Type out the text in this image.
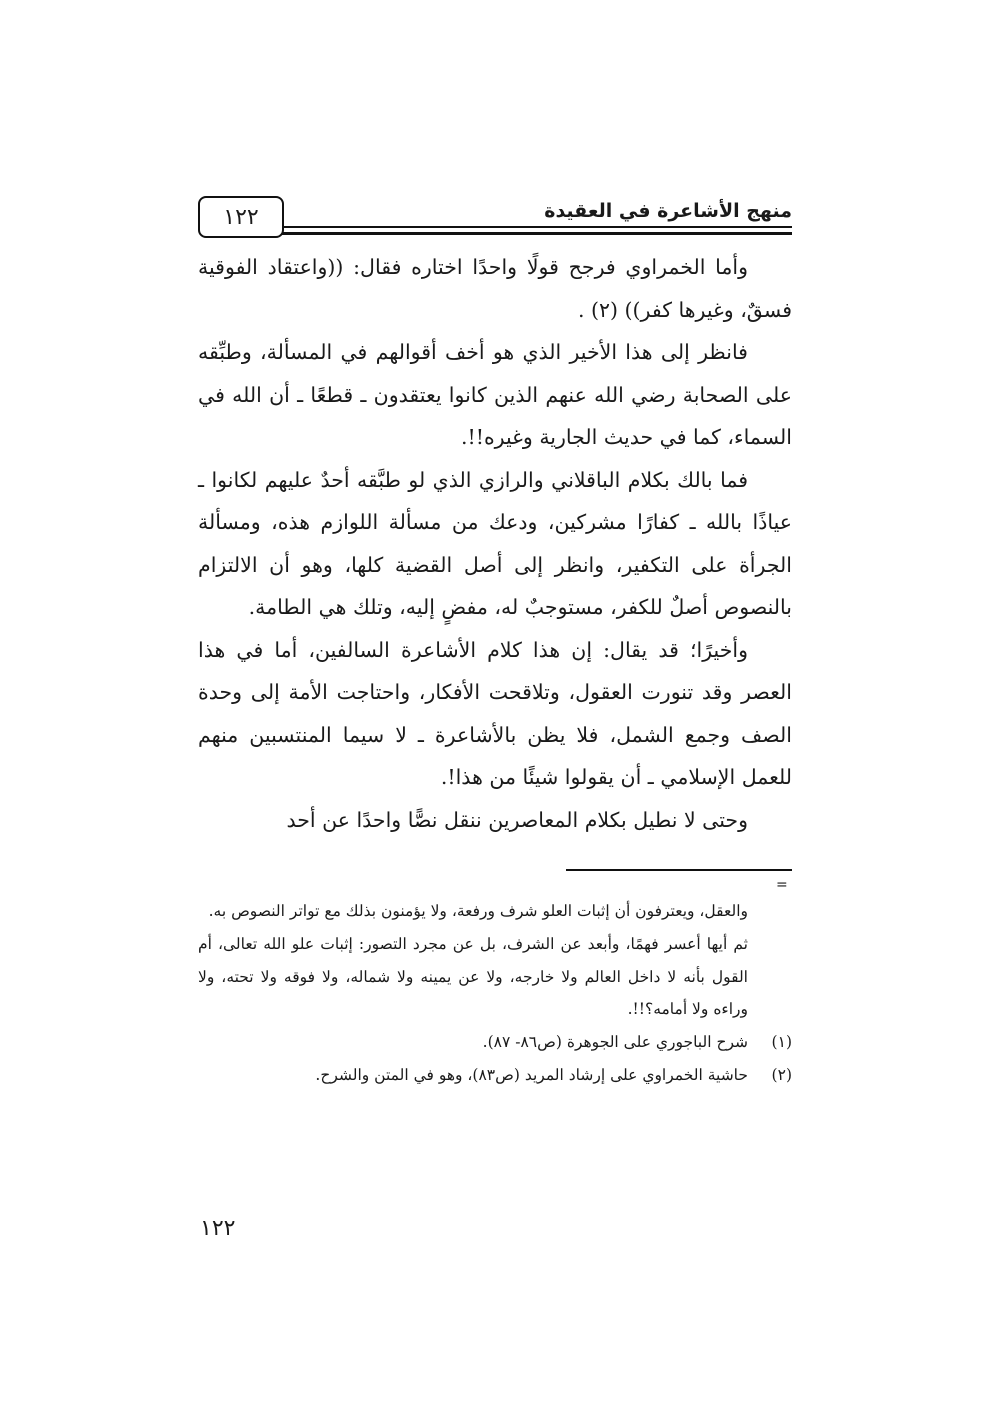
١٢٢	منهج الأشاعرة في العقيدة

وأما الخمراوي فرجح قولًا واحدًا اختاره فقال: ((واعتقاد الفوقية فسقٌ، وغيرها كفر)) (٢) .

فانظر إلى هذا الأخير الذي هو أخف أقوالهم في المسألة، وطبِّقه على الصحابة رضي الله عنهم الذين كانوا يعتقدون ـ قطعًا ـ أن الله في السماء، كما في حديث الجارية وغيره!!.

فما بالك بكلام الباقلاني والرازي الذي لو طبَّقه أحدٌ عليهم لكانوا ـ عياذًا بالله ـ كفارًا مشركين، ودعك من مسألة اللوازم هذه، ومسألة الجرأة على التكفير، وانظر إلى أصل القضية كلها، وهو أن الالتزام بالنصوص أصلٌ للكفر، مستوجبٌ له، مفضٍ إليه، وتلك هي الطامة.

وأخيرًا؛ قد يقال: إن هذا كلام الأشاعرة السالفين، أما في هذا العصر وقد تنورت العقول، وتلاقحت الأفكار، واحتاجت الأمة إلى وحدة الصف وجمع الشمل، فلا يظن بالأشاعرة ـ لا سيما المنتسبين منهم للعمل الإسلامي ـ أن يقولوا شيئًا من هذا!.

وحتى لا نطيل بكلام المعاصرين ننقل نصًّا واحدًا عن أحد

=

والعقل، ويعترفون أن إثبات العلو شرف ورفعة، ولا يؤمنون بذلك مع تواتر النصوص به.

ثم أيها أعسر فهمًا، وأبعد عن الشرف، بل عن مجرد التصور: إثبات علو الله تعالى، أم القول بأنه لا داخل العالم ولا خارجه، ولا عن يمينه ولا شماله، ولا فوقه ولا تحته، ولا وراءه ولا أمامه؟!!.

(١)
شرح الباجوري على الجوهرة (ص٨٦- ٨٧).

(٢)
حاشية الخمراوي على إرشاد المريد (ص٨٣)، وهو في المتن والشرح.

١٢٢
